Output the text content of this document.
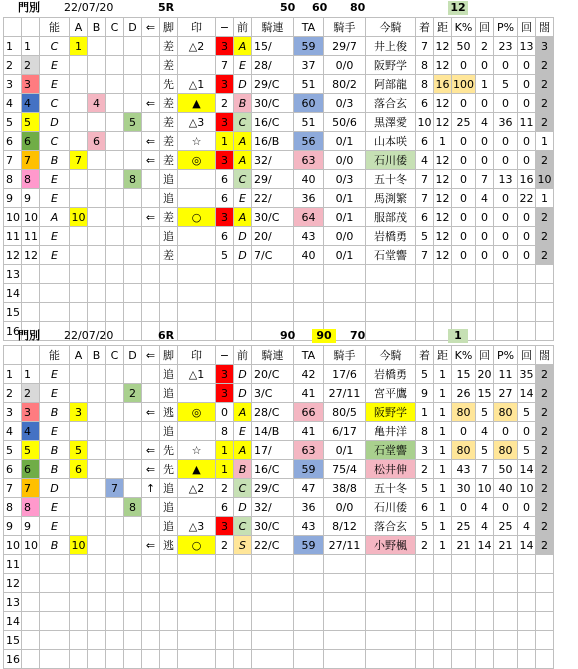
門別 22/07/20	5R	50 60	80	12
		能	A	B	C	D	⇐	脚	印	−	前	騎連	TA	騎手	今騎	着	距	K%	回	P%	回	閤
1	1	C	1					差	△2	3	A	15/	59	29/7	井上俊	7	12	50	2	23	13	3
2	2	E						差		7	E	28/	37	0/0	阪野学	8	12	0	0	0	0	2
3	3	E						先	△1	3	D	29/C	51	80/2	阿部龍	8	16	100	1	5	0	2
4	4	C		4			⇐	差	▲	2	B	30/C	60	0/3	落合玄	6	12	0	0	0	0	2
5	5	D				5		差	△3	3	C	16/C	51	50/6	黒澤愛	10	12	25	4	36	11	2
6	6	C		6			⇐	差	☆	1	A	16/B	56	0/1	山本咲	6	1	0	0	0	0	1
7	7	B	7				⇐	差	◎	3	A	32/	63	0/0	石川倭	4	12	0	0	0	0	2
8	8	E				8		追		6	C	29/	40	0/3	五十冬	7	12	0	7	13	16	10
9	9	E						追		6	E	22/	36	0/1	馬渕繁	7	12	0	4	0	22	1
10	10	A	10				⇐	差	○	3	A	30/C	64	0/1	服部茂	6	12	0	0	0	0	2
11	11	E						追		6	D	20/	43	0/0	岩橋勇	5	12	0	0	0	0	2
12	12	E						差		5	D	7/C	40	0/1	石堂響	7	12	0	0	0	0	2
13																						
14																						
15																						
16																						
門別 22/07/20	6R	90	90	70	1
		能	A	B	C	D	⇐	脚	印	−	前	騎連	TA	騎手	今騎	着	距	K%	回	P%	回	閤
1	1	E						追	△1	3	D	20/C	42	17/6	岩橋勇	5	1	15	20	11	35	2
2	2	E				2		追		3	D	3/C	41	27/11	宮平鷹	9	1	26	15	27	14	2
3	3	B	3				⇐	逃	◎	0	A	28/C	66	80/5	阪野学	1	1	80	5	80	5	2
4	4	E						追		8	E	14/B	41	6/17	亀井洋	8	1	0	4	0	0	2
5	5	B	5				⇐	先	☆	1	A	17/	63	0/1	石堂響	3	1	80	5	80	5	2
6	6	B	6				⇐	先	▲	1	B	16/C	59	75/4	松井伸	2	1	43	7	50	14	2
7	7	D			7		↑	追	△2	2	C	29/C	47	38/8	五十冬	5	1	30	10	40	10	2
8	8	E				8		追		6	D	32/	36	0/0	石川倭	6	1	0	4	0	0	2
9	9	E						追	△3	3	C	30/C	43	8/12	落合玄	5	1	25	4	25	4	2
10	10	B	10				⇐	逃	○	2	S	22/C	59	27/11	小野楓	2	1	21	14	21	14	2
11																						
12																						
13																						
14																						
15																						
16																						
